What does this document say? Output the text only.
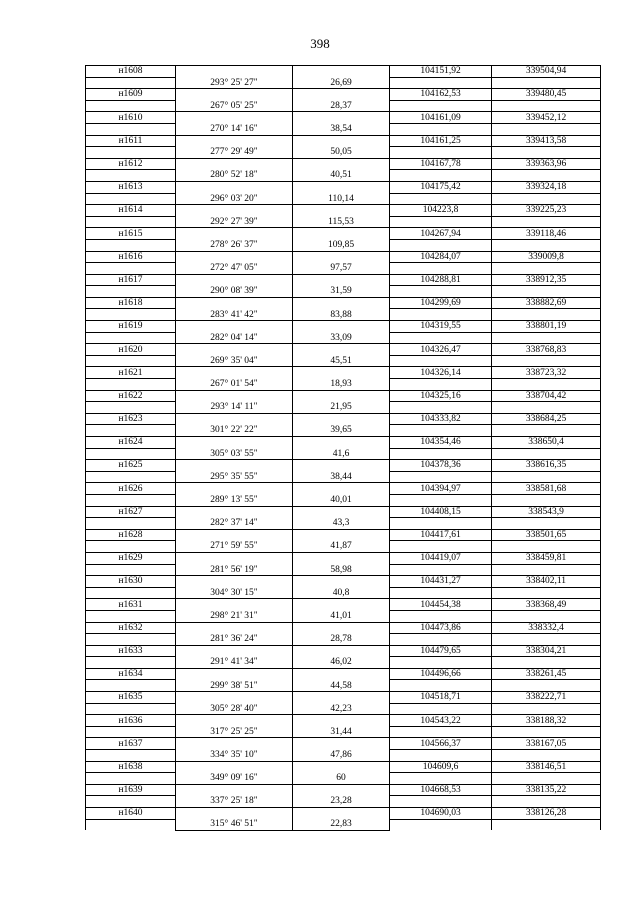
398
н1608			104151,92	339504,94
	293° 25' 27"	26,69		
н1609			104162,53	339480,45
	267° 05' 25"	28,37		
н1610			104161,09	339452,12
	270° 14' 16"	38,54		
н1611			104161,25	339413,58
	277° 29' 49"	50,05		
н1612			104167,78	339363,96
	280° 52' 18"	40,51		
н1613			104175,42	339324,18
	296° 03' 20"	110,14		
н1614			104223,8	339225,23
	292° 27' 39"	115,53		
н1615			104267,94	339118,46
	278° 26' 37"	109,85		
н1616			104284,07	339009,8
	272° 47' 05"	97,57		
н1617			104288,81	338912,35
	290° 08' 39"	31,59		
н1618			104299,69	338882,69
	283° 41' 42"	83,88		
н1619			104319,55	338801,19
	282° 04' 14"	33,09		
н1620			104326,47	338768,83
	269° 35' 04"	45,51		
н1621			104326,14	338723,32
	267° 01' 54"	18,93		
н1622			104325,16	338704,42
	293° 14' 11"	21,95		
н1623			104333,82	338684,25
	301° 22' 22"	39,65		
н1624			104354,46	338650,4
	305° 03' 55"	41,6		
н1625			104378,36	338616,35
	295° 35' 55"	38,44		
н1626			104394,97	338581,68
	289° 13' 55"	40,01		
н1627			104408,15	338543,9
	282° 37' 14"	43,3		
н1628			104417,61	338501,65
	271° 59' 55"	41,87		
н1629			104419,07	338459,81
	281° 56' 19"	58,98		
н1630			104431,27	338402,11
	304° 30' 15"	40,8		
н1631			104454,38	338368,49
	298° 21' 31"	41,01		
н1632			104473,86	338332,4
	281° 36' 24"	28,78		
н1633			104479,65	338304,21
	291° 41' 34"	46,02		
н1634			104496,66	338261,45
	299° 38' 51"	44,58		
н1635			104518,71	338222,71
	305° 28' 40"	42,23		
н1636			104543,22	338188,32
	317° 25' 25"	31,44		
н1637			104566,37	338167,05
	334° 35' 10"	47,86		
н1638			104609,6	338146,51
	349° 09' 16"	60		
н1639			104668,53	338135,22
	337° 25' 18"	23,28		
н1640			104690,03	338126,28
	315° 46' 51"	22,83		
